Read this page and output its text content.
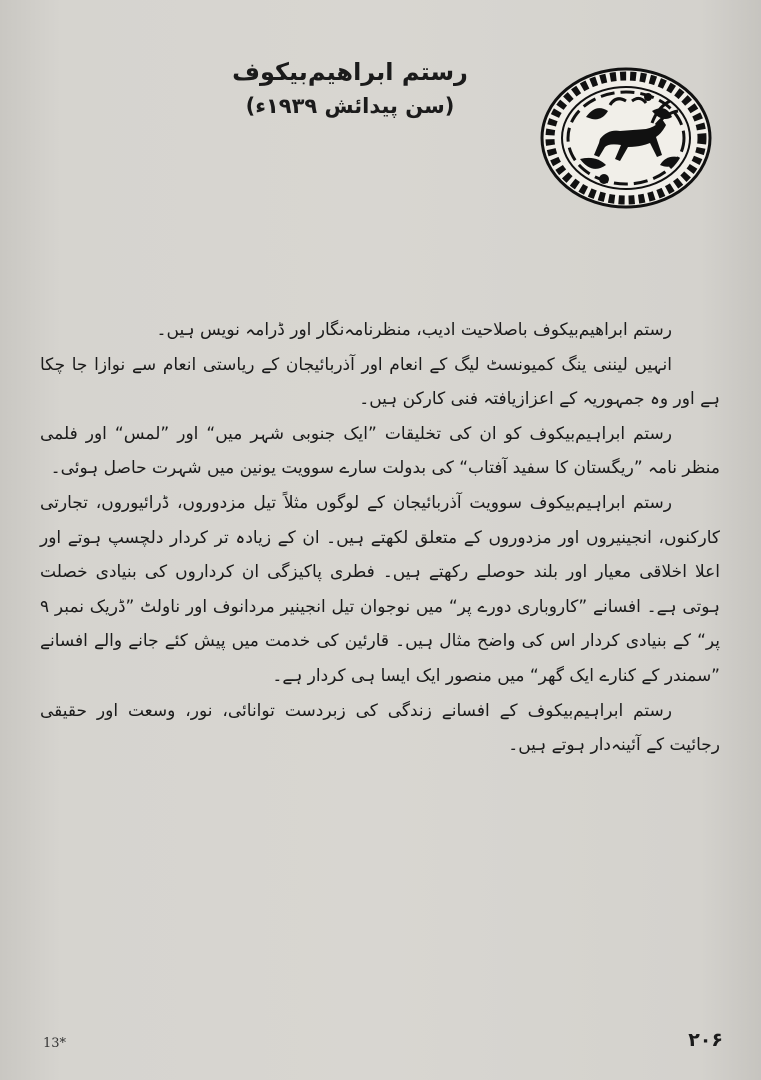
رستم ابراهیم‌بیکوف
(سن پیدائش ۱۹۳۹ء)

رستم ابراهیم‌بیکوف باصلاحیت ادیب، منظرنامہ‌نگار اور ڈرامہ نویس ہیں۔

انہیں لیننی ینگ کمیونسٹ لیگ کے انعام اور آذربائیجان کے ریاستی انعام سے نوازا جا چکا ہے اور وہ جمہوریہ کے اعزازیافتہ فنی کارکن ہیں۔

رستم ابراہیم‌بیکوف کو ان کی تخلیقات ”ایک جنوبی شہر میں“ اور ”لمس“ اور فلمی منظر نامہ ”ریگستان کا سفید آفتاب“ کی بدولت سارے سوویت یونین میں شہرت حاصل ہوئی۔

رستم ابراہیم‌بیکوف سوویت آذربائیجان کے لوگوں مثلاً تیل مزدوروں، ڈرائیوروں، تجارتی کارکنوں، انجینیروں اور مزدوروں کے متعلق لکھتے ہیں۔ ان کے زیادہ تر کردار دلچسپ ہوتے اور اعلا اخلاقی معیار اور بلند حوصلے رکھتے ہیں۔ فطری پاکیزگی ان کرداروں کی بنیادی خصلت ہوتی ہے۔ افسانے ”کاروباری دورے پر“ میں نوجوان تیل انجینیر مردانوف اور ناولٹ ”ڈریک نمبر ۹ پر“ کے بنیادی کردار اس کی واضح مثال ہیں۔ قارئین کی خدمت میں پیش کئے جانے والے افسانے ”سمندر کے کنارے ایک گھر“ میں منصور ایک ایسا ہی کردار ہے۔

رستم ابراہیم‌بیکوف کے افسانے زندگی کی زبردست توانائی، نور، وسعت اور حقیقی رجائیت کے آئینہ‌دار ہوتے ہیں۔

13*	۲۰۶
